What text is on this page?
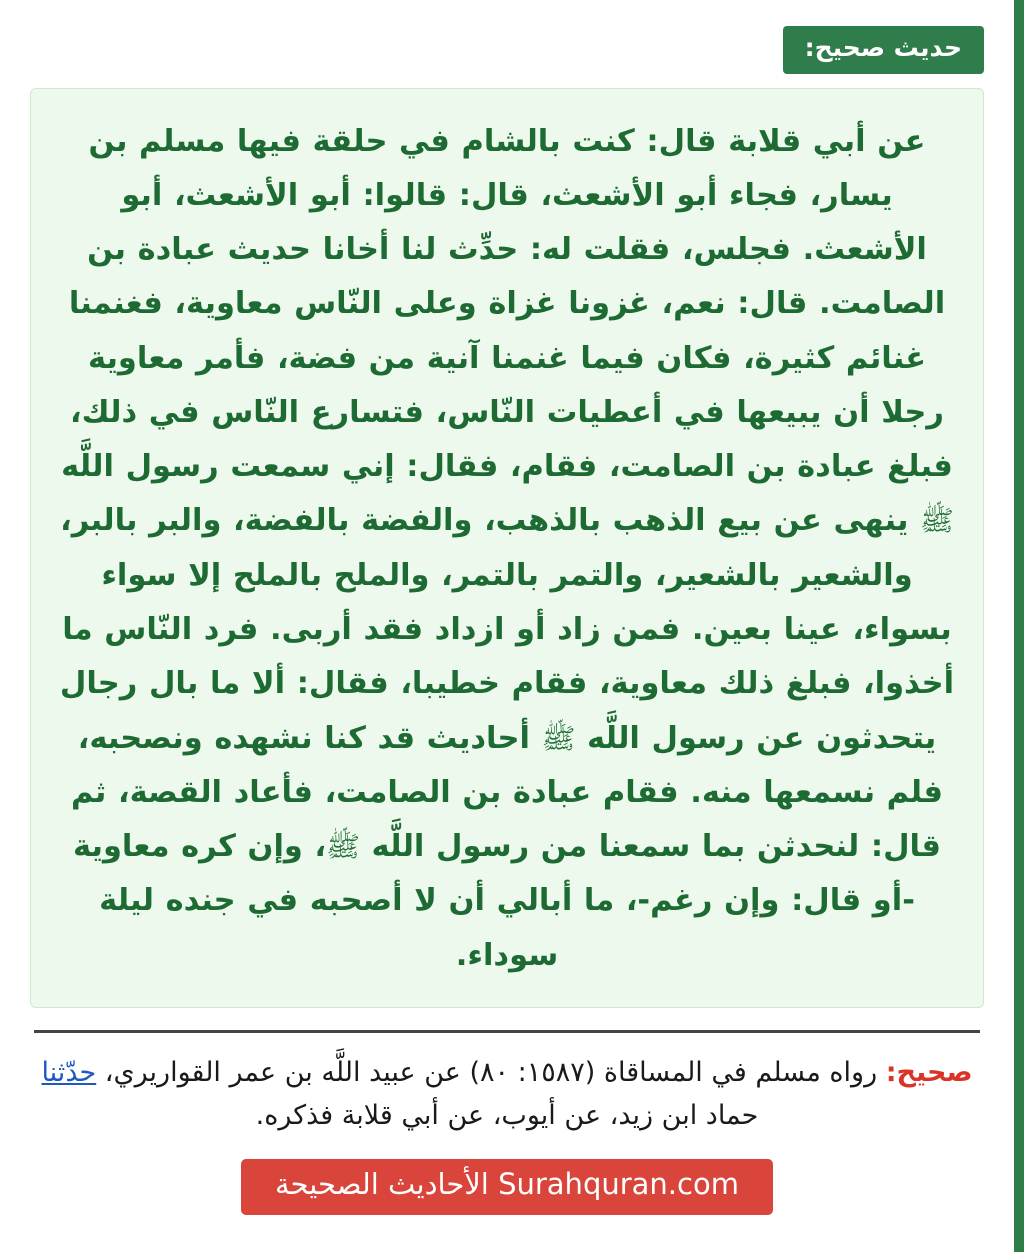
حديث صحيح:

عن أبي قلابة قال: كنت بالشام في حلقة فيها مسلم بن يسار، فجاء أبو الأشعث، قال: قالوا: أبو الأشعث، أبو الأشعث. فجلس، فقلت له: حدِّث لنا أخانا حديث عبادة بن الصامت. قال: نعم، غزونا غزاة وعلى النّاس معاوية، فغنمنا غنائم كثيرة، فكان فيما غنمنا آنية من فضة، فأمر معاوية رجلا أن يبيعها في أعطيات النّاس، فتسارع النّاس في ذلك، فبلغ عبادة بن الصامت، فقام، فقال: إني سمعت رسول اللَّه ﷺ ينهى عن بيع الذهب بالذهب، والفضة بالفضة، والبر بالبر، والشعير بالشعير، والتمر بالتمر، والملح بالملح إلا سواء بسواء، عينا بعين. فمن زاد أو ازداد فقد أربى. فرد النّاس ما أخذوا، فبلغ ذلك معاوية، فقام خطيبا، فقال: ألا ما بال رجال يتحدثون عن رسول اللَّه ﷺ أحاديث قد كنا نشهده ونصحبه، فلم نسمعها منه. فقام عبادة بن الصامت، فأعاد القصة، ثم قال: لنحدثن بما سمعنا من رسول اللَّه ﷺ، وإن كره معاوية -أو قال: وإن رغم-، ما أبالي أن لا أصحبه في جنده ليلة سوداء.

صحيح: رواه مسلم في المساقاة (١٥٨٧: ٨٠) عن عبيد اللَّه بن عمر القواريري، حدّثنا حماد ابن زيد، عن أيوب، عن أبي قلابة فذكره.

Surahquran.com الأحاديث الصحيحة
